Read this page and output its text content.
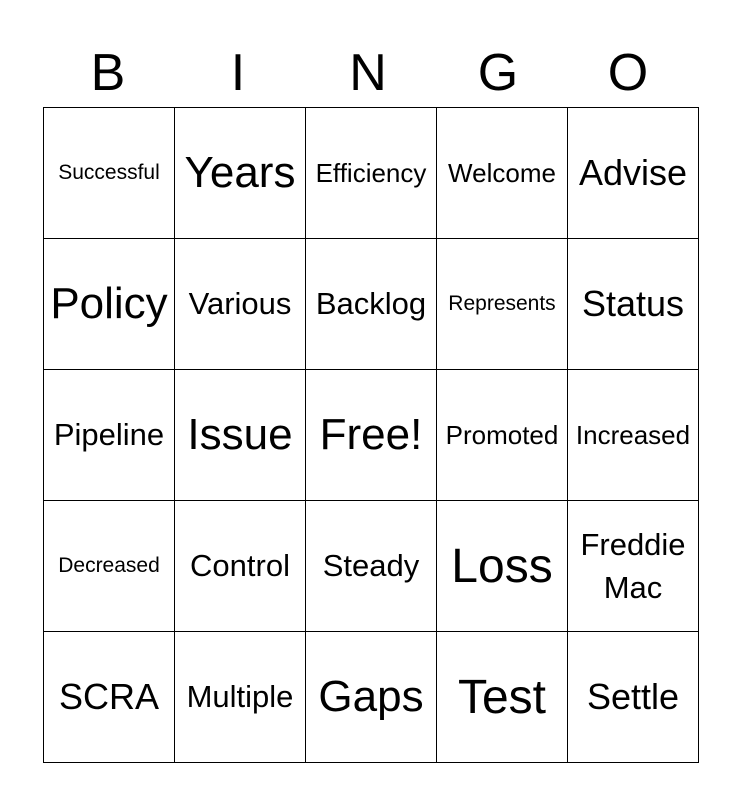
B	I	N	G	O
Successful	Years	Efficiency	Welcome	Advise
Policy	Various	Backlog	Represents	Status
Pipeline	Issue	Free!	Promoted	Increased
Decreased	Control	Steady	Loss	Freddie Mac
SCRA	Multiple	Gaps	Test	Settle
